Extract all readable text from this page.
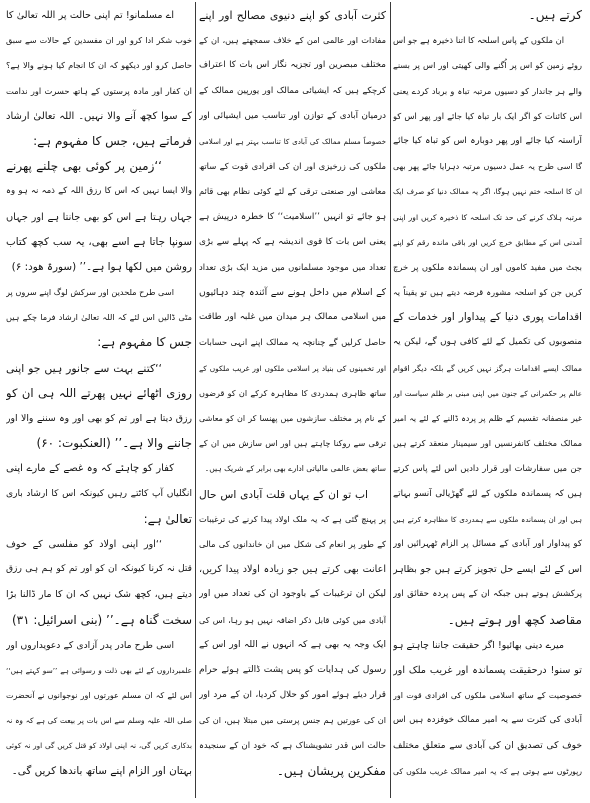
کرتے ہیں۔
ان ملکوں کے پاس اسلحہ کا اتنا ذخیرہ ہے جو اس
روئے زمین کو اس پر اُگنے والی کھیتی اور اس پر بسنے
والے ہر جاندار کو دسیوں مرتبہ تباہ و برباد کردے یعنی
اس کائنات کو اگر ایک بار تباہ کیا جائے اور پھر اس کو
آراستہ کیا جائے اور پھر دوبارہ اس کو تباہ کیا جائے
گا اسی طرح یہ عمل دسیوں مرتبہ دہرایا جائے پھر بھی
ان کا اسلحہ ختم نہیں ہوگا، اگر یہ ممالک دنیا کو صرف ایک
مرتبہ ہلاک کرنے کی حد تک اسلحہ کا ذخیرہ کریں اور اپنی
آمدنی اس کے مطابق خرچ کریں اور باقی ماندہ رقم کو اپنے
بجٹ میں مفید کاموں اور ان پسماندہ ملکوں پر خرچ
کریں جن کو اسلحہ مشورہ قرضہ دیتے ہیں تو یقیناً یہ
اقدامات پوری دنیا کے پیداوار اور خدمات کے
منصوبوں کی تکمیل کے لئے کافی ہوں گے، لیکن یہ
ممالک ایسے اقدامات ہرگز نہیں کریں گے بلکہ دیگر اقوام
عالم پر حکمرانی کے جنون میں اپنی مبنی بر ظلم سیاست اور
غیر منصفانہ تقسیم کے ظلم پر پردہ ڈالنے کے لئے یہ امیر
ممالک مختلف کانفرنسیں اور سیمینار منعقد کرتے ہیں
جن میں سفارشات اور قرار دادیں اس لئے پاس کرتے
ہیں کہ پسماندہ ملکوں کے لئے گھڑیالی آنسو بہاتے
ہیں اور ان پسماندہ ملکوں سے ہمدردی کا مظاہرہ کرتے ہیں
کو پیداوار اور آبادی کے مسائل پر الزام ٹھہرائیں اور
اس کے لئے ایسے حل تجویز کرتے ہیں جو بظاہر
پرکشش ہوتے ہیں جبکہ ان کے پس پردہ حقائق اور
مقاصد کچھ اور ہوتے ہیں۔
میرے دینی بھائیو! اگر حقیقت جاننا چاہتے ہو
تو سنو! درحقیقت پسماندہ اور غریب ملک اور
خصوصیت کے ساتھ اسلامی ملکوں کی افرادی قوت اور
آبادی کی کثرت سے یہ امیر ممالک خوفزدہ ہیں اس
خوف کی تصدیق ان کی آبادی سے متعلق مختلف
رپورٹوں سے ہوتی ہے کہ یہ امیر ممالک غریب ملکوں کی
کثرت آبادی کو اپنے دنیوی مصالح اور اپنے
مفادات اور عالمی امن کے خلاف سمجھتے ہیں، ان کے
مختلف مبصرین اور تجزیہ نگار اس بات کا اعتراف
کرچکے ہیں کہ ایشیائی ممالک اور یورپین ممالک کے
درمیان آبادی کے توازن اور تناسب میں ایشیائی اور
خصوصاً مسلم ممالک کی آبادی کا تناسب بہتر ہے اور اسلامی
ملکوں کی زرخیزی اور ان کی افرادی قوت کے ساتھ
معاشی اور صنعتی ترقی کے لئے کوئی نظام بھی قائم
ہو جائے تو انہیں ’’اسلامیت‘‘ کا خطرہ درپیش ہے
یعنی اس بات کا قوی اندیشہ ہے کہ پہلے سے بڑی
تعداد میں موجود مسلمانوں میں مزید ایک بڑی تعداد
کے اسلام میں داخل ہونے سے آئندہ چند دہائیوں
میں اسلامی ممالک ہر میدان میں غلبہ اور طاقت
حاصل کرلیں گے چنانچہ یہ ممالک اپنے انہی حسابات
اور تخمینوں کی بنیاد پر اسلامی ملکوں اور غریب ملکوں کے
ساتھ ظاہری ہمدردی کا مظاہرہ کرکے ان کو قرضوں
کے نام پر مختلف سازشوں میں پھنسا کر ان کو معاشی
ترقی سے روکنا چاہتے ہیں اور اس سازش میں ان کے
ساتھ بعض عالمی مالیاتی ادارے بھی برابر کے شریک ہیں۔
اب تو ان کے یہاں قلت آبادی اس حال
پر پہنچ گئی ہے کہ یہ ملک اولاد پیدا کرنے کی ترغیبات
کے طور پر انعام کی شکل میں ان خاندانوں کی مالی
اعانت بھی کرتے ہیں جو زیادہ اولاد پیدا کریں،
لیکن ان ترغیبات کے باوجود ان کی تعداد میں اور
آبادی میں کوئی قابل ذکر اضافہ نہیں ہو رہا، اس کی
ایک وجہ یہ بھی ہے کہ انہوں نے اللہ اور اس کے
رسول کی ہدایات کو پس پشت ڈالتے ہوئے حرام
قرار دیئے ہوئے امور کو حلال کردیا، ان کے مرد اور
ان کی عورتیں ہم جنس پرستی میں مبتلا ہیں، ان کی
حالت اس قدر تشویشناک ہے کہ خود ان کے سنجیدہ
مفکرین پریشان ہیں۔
اے مسلمانو! تم اپنی حالت پر اللہ تعالیٰ کا
خوب شکر ادا کرو اور ان مفسدین کے حالات سے سبق
حاصل کرو اور دیکھو کہ ان کا انجام کیا ہونے والا ہے؟
ان کفار اور مادہ پرستوں کے ہاتھ حسرت اور ندامت
کے سوا کچھ آنے والا نہیں۔ اللہ تعالیٰ ارشاد
فرماتے ہیں، جس کا مفہوم ہے:
‘‘زمین پر کوئی بھی چلنے پھرنے
والا ایسا نہیں کہ اس کا رزق اللہ کے ذمہ نہ ہو وہ
جہاں رہتا ہے اس کو بھی جانتا ہے اور جہاں
سونپا جاتا ہے اسے بھی، یہ سب کچھ کتاب
روشن میں لکھا ہوا ہے۔’’ (سورۃ ھود: ۶)
اسی طرح ملحدین اور سرکش لوگ اپنے سروں پر
مٹی ڈالیں اس لئے کہ اللہ تعالیٰ ارشاد فرما چکے ہیں
جس کا مفہوم ہے:
‘‘کتنے بہت سے جانور ہیں جو اپنی
روزی اٹھائے نہیں پھرتے اللہ ہی ان کو
رزق دیتا ہے اور تم کو بھی اور وہ سننے والا اور
جاننے والا ہے۔’’ (العنکبوت: ۶۰)
کفار کو چاہئے کہ وہ غصے کے مارے اپنی
انگلیاں آپ کاٹتے رہیں کیونکہ اس کا ارشاد باری
تعالیٰ ہے:
‘‘اور اپنی اولاد کو مفلسی کے خوف
قتل نہ کرنا کیونکہ ان کو اور تم کو ہم ہی رزق
دیتے ہیں، کچھ شک نہیں کہ ان کا مار ڈالنا بڑا
سخت گناہ ہے۔’’ (بنی اسرائیل: ۳۱)
اسی طرح مادر پدر آزادی کے دعویداروں اور
علمبرداروں کے لئے بھی ذلت و رسوائی ہے ’’سو کہتے ہیں‘‘
اس لئے کہ ان مسلم عورتوں اور نوجوانوں نے آنحضرت
صلی اللہ علیہ وسلم سے اس بات پر بیعت کی ہے کہ وہ نہ
بدکاری کریں گی، نہ اپنی اولاد کو قتل کریں گی اور نہ کوئی
بہتان اور الزام اپنے ساتھ باندھا کریں گی۔
